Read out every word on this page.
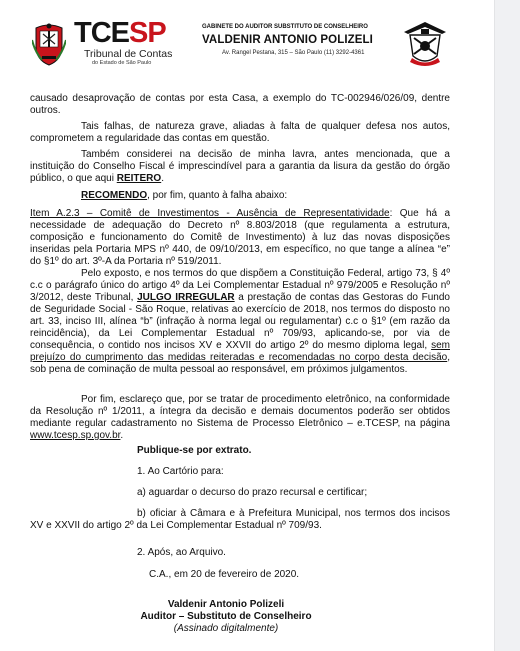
TCESP
Tribunal de Contas
do Estado de São Paulo
GABINETE DO AUDITOR SUBSTITUTO DE CONSELHEIRO
VALDENIR ANTONIO POLIZELI
Av. Rangel Pestana, 315 – São Paulo (11) 3292-4361

causado desaprovação de contas por esta Casa, a exemplo do TC-002946/026/09, dentre outros.

Tais falhas, de natureza grave, aliadas à falta de qualquer defesa nos autos, comprometem a regularidade das contas em questão.

Também considerei na decisão de minha lavra, antes mencionada, que a instituição do Conselho Fiscal é imprescindível para a garantia da lisura da gestão do órgão público, o que aqui REITERO.

RECOMENDO, por fim, quanto à falha abaixo:

Item A.2.3 – Comitê de Investimentos - Ausência de Representatividade: Que há a necessidade de adequação do Decreto nº 8.803/2018 (que regulamenta a estrutura, composição e funcionamento do Comitê de Investimento) à luz das novas disposições inseridas pela Portaria MPS nº 440, de 09/10/2013, em específico, no que tange a alínea “e” do §1º do art. 3º-A da Portaria nº 519/2011.

Pelo exposto, e nos termos do que dispõem a Constituição Federal, artigo 73, § 4º c.c o parágrafo único do artigo 4º da Lei Complementar Estadual nº 979/2005 e Resolução nº 3/2012, deste Tribunal, JULGO IRREGULAR a prestação de contas das Gestoras do Fundo de Seguridade Social - São Roque, relativas ao exercício de 2018, nos termos do disposto no art. 33, inciso III, alínea “b” (infração à norma legal ou regulamentar) c.c o §1º (em razão da reincidência), da Lei Complementar Estadual nº 709/93, aplicando-se, por via de consequência, o contido nos incisos XV e XXVII do artigo 2º do mesmo diploma legal, sem prejuízo do cumprimento das medidas reiteradas e recomendadas no corpo desta decisão, sob pena de cominação de multa pessoal ao responsável, em próximos julgamentos.

Por fim, esclareço que, por se tratar de procedimento eletrônico, na conformidade da Resolução nº 1/2011, a íntegra da decisão e demais documentos poderão ser obtidos mediante regular cadastramento no Sistema de Processo Eletrônico – e.TCESP, na página www.tcesp.sp.gov.br.

Publique-se por extrato.
1. Ao Cartório para:
a) aguardar o decurso do prazo recursal e certificar;

b) oficiar à Câmara e à Prefeitura Municipal, nos termos dos incisos XV e XXVII do artigo 2º da Lei Complementar Estadual nº 709/93.

2. Após, ao Arquivo.
C.A., em 20 de fevereiro de 2020.
Valdenir Antonio Polizeli
Auditor – Substituto de Conselheiro
(Assinado digitalmente)
